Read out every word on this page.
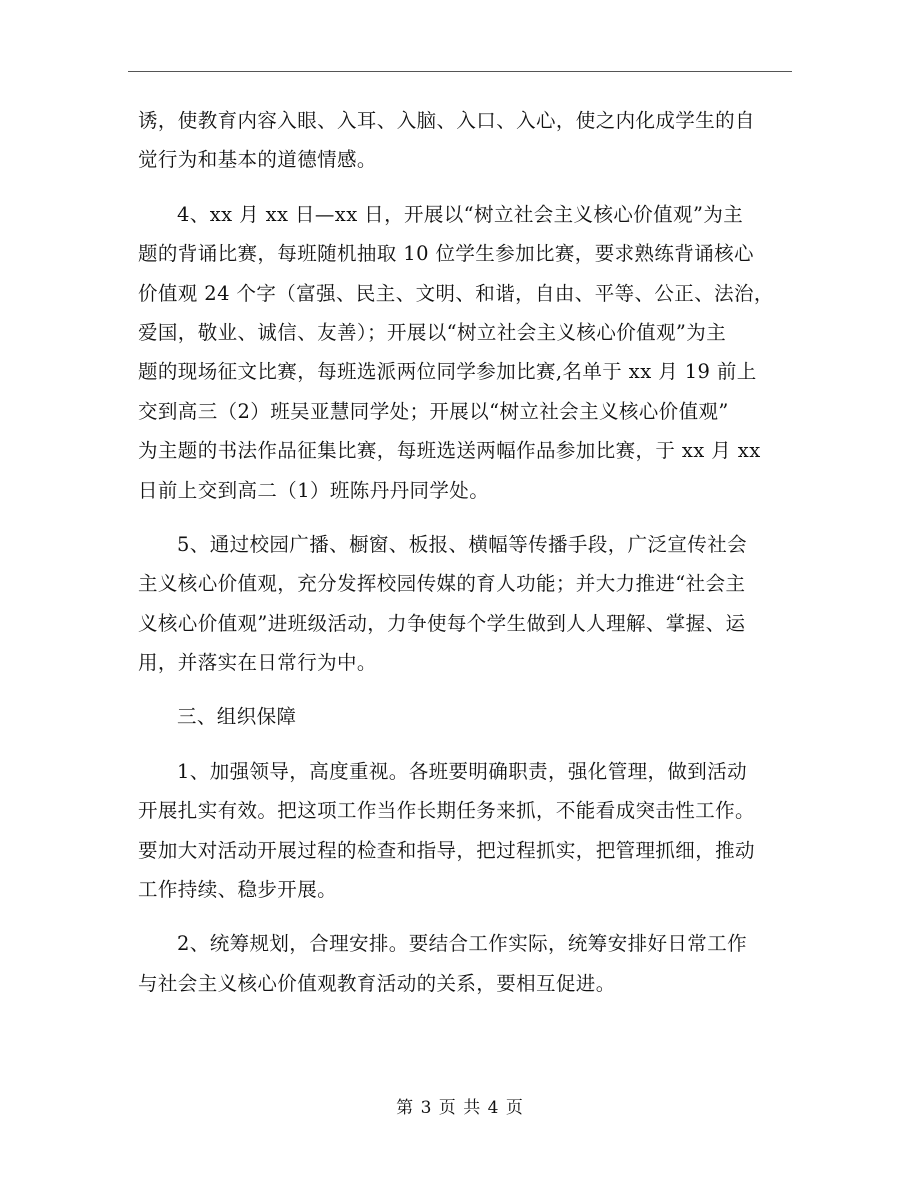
诱，使教育内容入眼、入耳、入脑、入口、入心，使之内化成学生的自
觉行为和基本的道德情感。

4、xx 月 xx 日—xx 日，开展以“树立社会主义核心价值观”为主
题的背诵比赛，每班随机抽取 10 位学生参加比赛，要求熟练背诵核心
价值观 24 个字（富强、民主、文明、和谐，自由、平等、公正、法治，
爱国，敬业、诚信、友善）；开展以“树立社会主义核心价值观”为主
题的现场征文比赛，每班选派两位同学参加比赛,名单于 xx 月 19 前上
交到高三（2）班吴亚慧同学处；开展以“树立社会主义核心价值观”
为主题的书法作品征集比赛，每班选送两幅作品参加比赛，于 xx 月 xx
日前上交到高二（1）班陈丹丹同学处。

5、通过校园广播、橱窗、板报、横幅等传播手段，广泛宣传社会
主义核心价值观，充分发挥校园传媒的育人功能；并大力推进“社会主
义核心价值观”进班级活动，力争使每个学生做到人人理解、掌握、运
用，并落实在日常行为中。

三、组织保障

1、加强领导，高度重视。各班要明确职责，强化管理，做到活动
开展扎实有效。把这项工作当作长期任务来抓，不能看成突击性工作。
要加大对活动开展过程的检查和指导，把过程抓实，把管理抓细，推动
工作持续、稳步开展。

2、统筹规划，合理安排。要结合工作实际，统筹安排好日常工作
与社会主义核心价值观教育活动的关系，要相互促进。

第 3 页 共 4 页
